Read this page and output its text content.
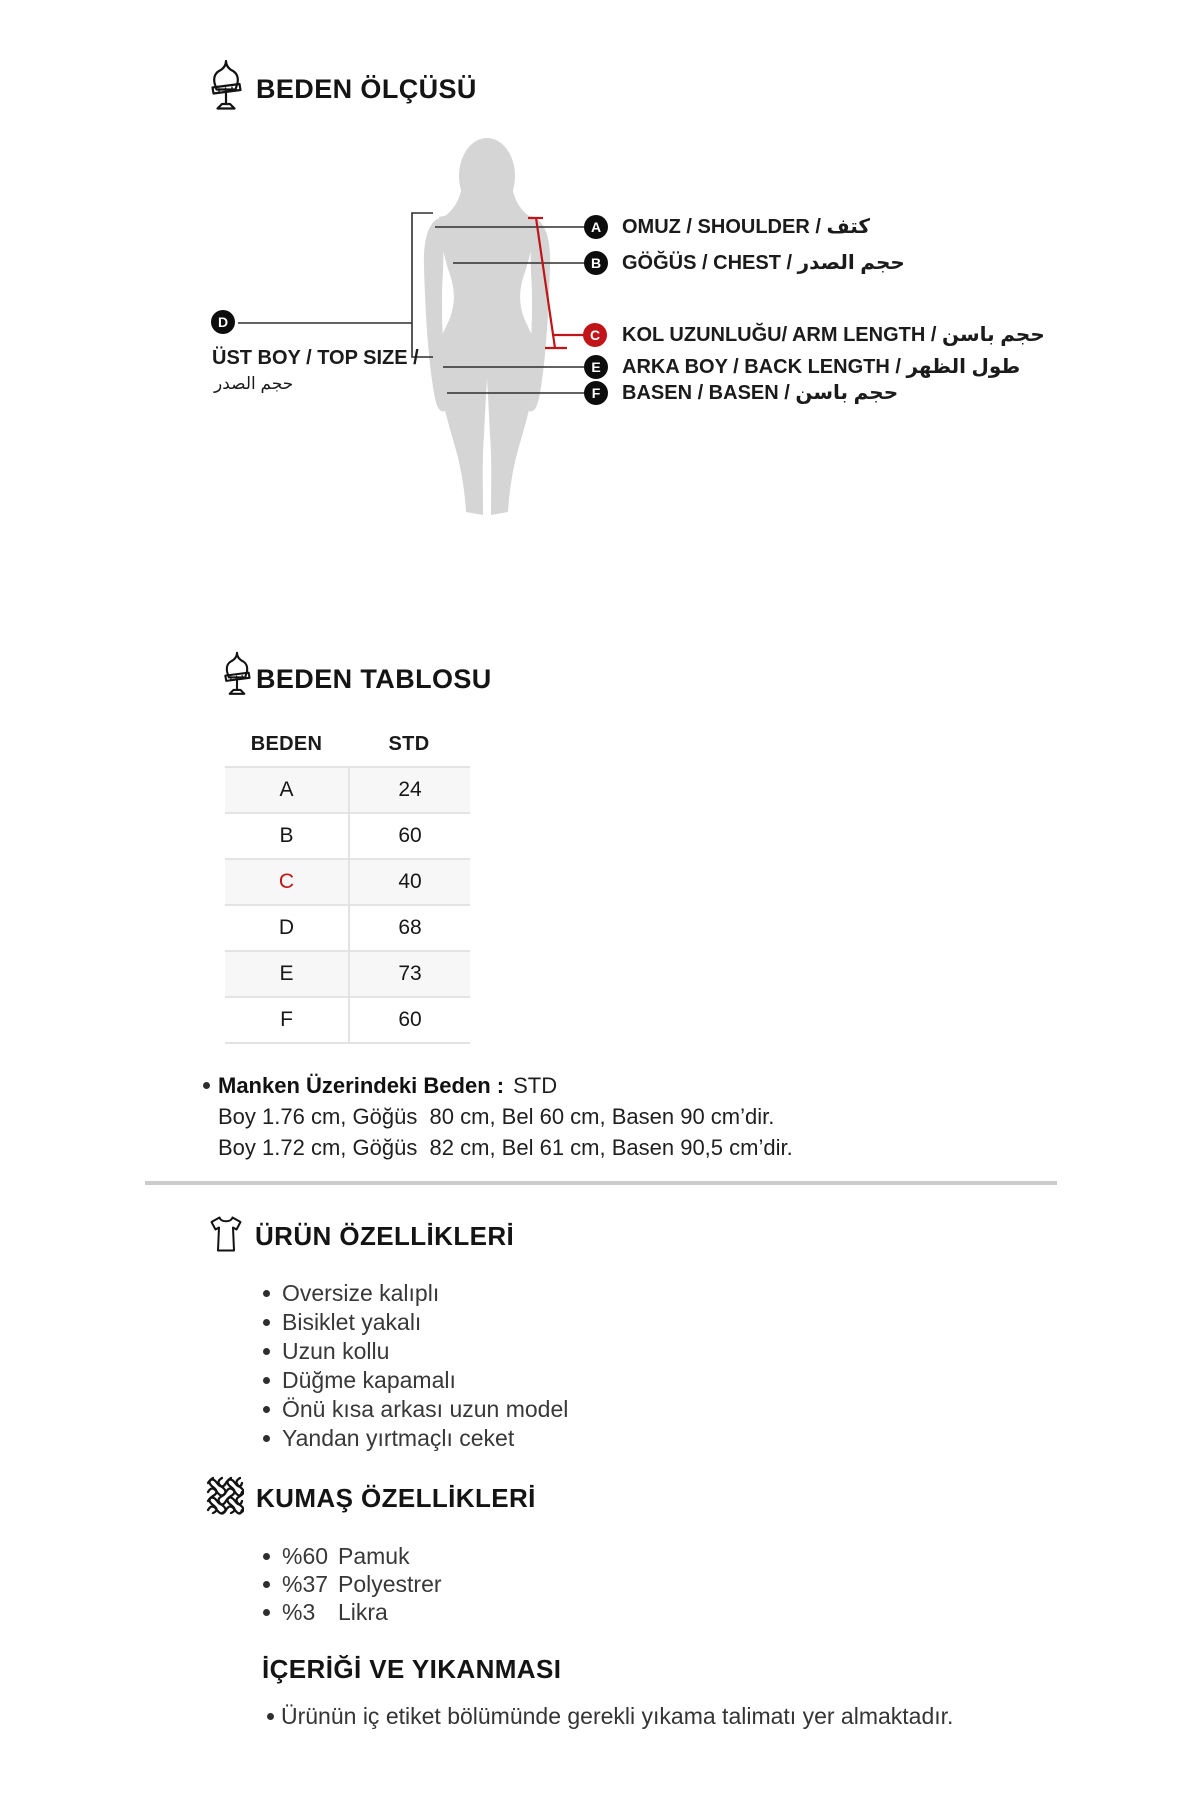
BEDEN ÖLÇÜSÜ
A	OMUZ / SHOULDER / كتف
B	GÖĞÜS / CHEST / حجم الصدر
C	KOL UZUNLUĞU/ ARM LENGTH / حجم باسن
E	ARKA BOY / BACK LENGTH / طول الظهر
F	BASEN / BASEN / حجم باسن
D
ÜST BOY / TOP SIZE /
حجم الصدر
BEDEN TABLOSU
BEDEN	STD
A	24
B	60
C	40
D	68
E	73
F	60
Manken Üzerindeki Beden : STD
Boy 1.76 cm, Göğüs  80 cm, Bel 60 cm, Basen 90 cm’dir.
Boy 1.72 cm, Göğüs  82 cm, Bel 61 cm, Basen 90,5 cm’dir.
ÜRÜN ÖZELLİKLERİ
Oversize kalıplı
Bisiklet yakalı
Uzun kollu
Düğme kapamalı
Önü kısa arkası uzun model
Yandan yırtmaçlı ceket
KUMAŞ ÖZELLİKLERİ
%60 Pamuk
%37 Polyestrer
%3 Likra
İÇERİĞİ VE YIKANMASI
Ürünün iç etiket bölümünde gerekli yıkama talimatı yer almaktadır.
